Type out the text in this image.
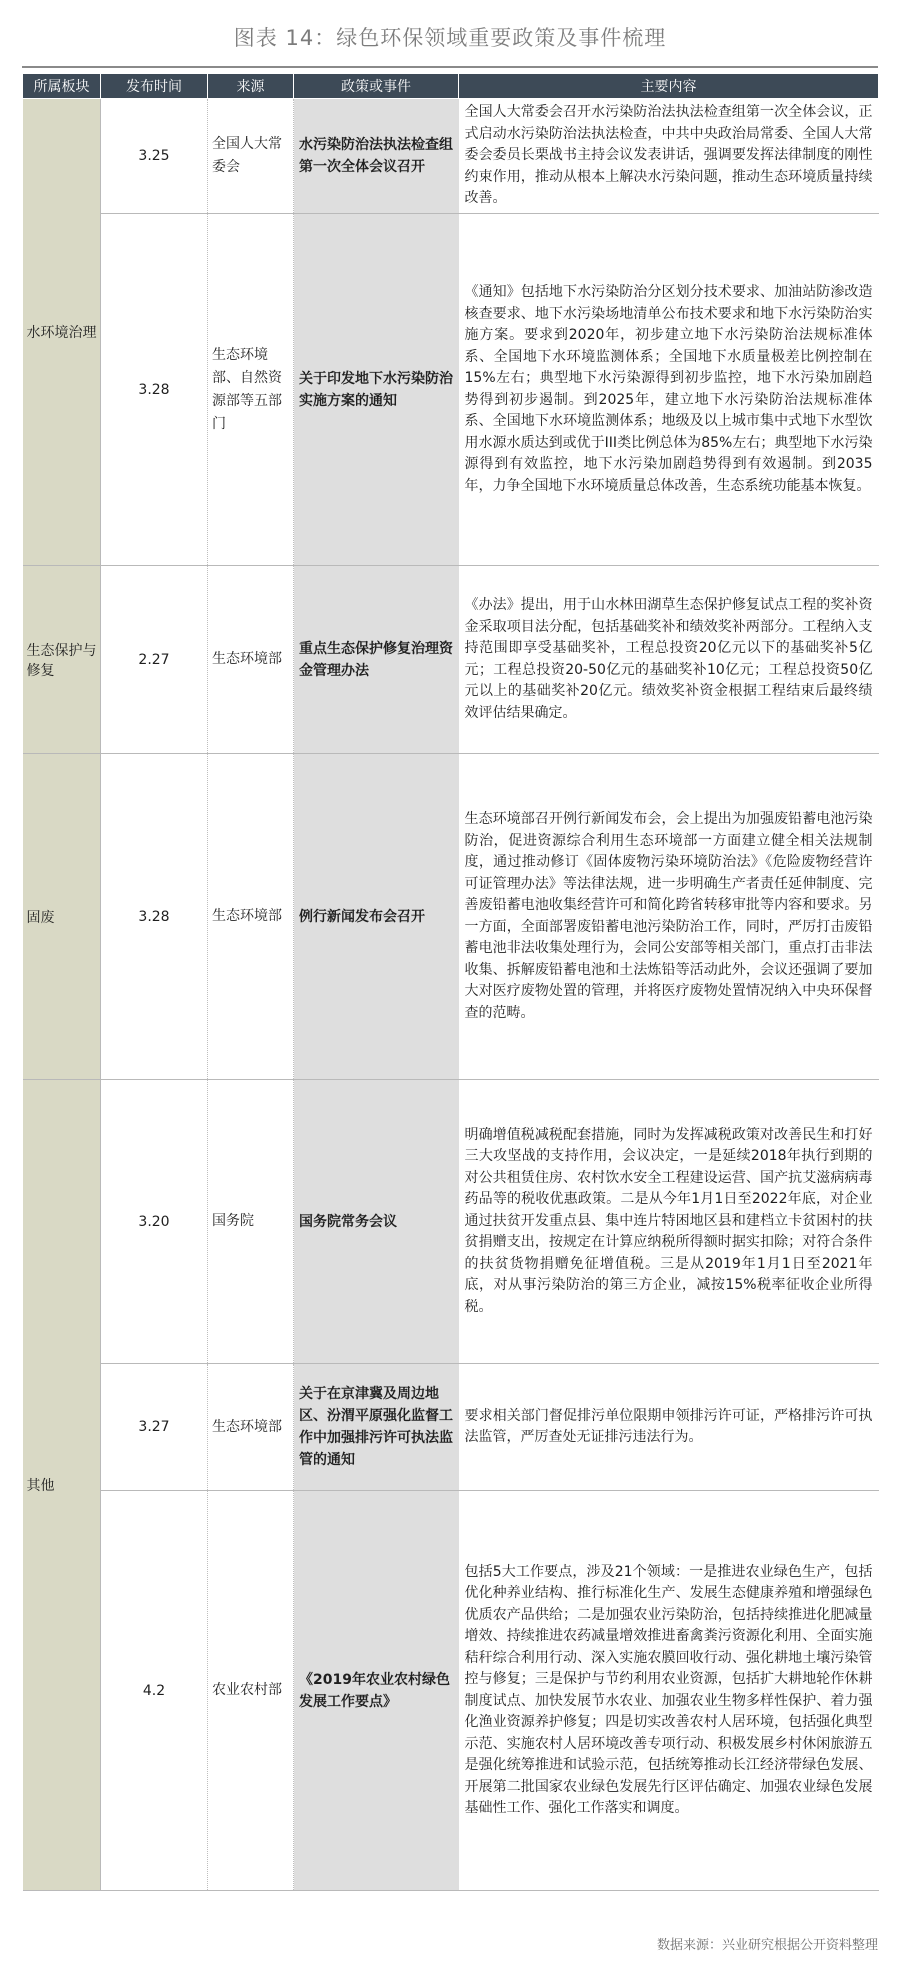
图表 14：绿色环保领域重要政策及事件梳理
所属板块	发布时间	来源	政策或事件	主要内容
水环境治理	3.25	全国人大常委会	水污染防治法执法检查组第一次全体会议召开	全国人大常委会召开水污染防治法执法检查组第一次全体会议，正式启动水污染防治法执法检查，中共中央政治局常委、全国人大常委会委员长栗战书主持会议发表讲话，强调要发挥法律制度的刚性约束作用，推动从根本上解决水污染问题，推动生态环境质量持续改善。
	3.28	生态环境部、自然资源部等五部门	关于印发地下水污染防治实施方案的通知	《通知》包括地下水污染防治分区划分技术要求、加油站防渗改造核查要求、地下水污染场地清单公布技术要求和地下水污染防治实施方案。要求到2020年，初步建立地下水污染防治法规标准体系、全国地下水环境监测体系；全国地下水质量极差比例控制在15%左右；典型地下水污染源得到初步监控，地下水污染加剧趋势得到初步遏制。到2025年，建立地下水污染防治法规标准体系、全国地下水环境监测体系；地级及以上城市集中式地下水型饮用水源水质达到或优于III类比例总体为85%左右；典型地下水污染源得到有效监控，地下水污染加剧趋势得到有效遏制。到2035年，力争全国地下水环境质量总体改善，生态系统功能基本恢复。
生态保护与修复	2.27	生态环境部	重点生态保护修复治理资金管理办法	《办法》提出，用于山水林田湖草生态保护修复试点工程的奖补资金采取项目法分配，包括基础奖补和绩效奖补两部分。工程纳入支持范围即享受基础奖补，工程总投资20亿元以下的基础奖补5亿元；工程总投资20-50亿元的基础奖补10亿元；工程总投资50亿元以上的基础奖补20亿元。绩效奖补资金根据工程结束后最终绩效评估结果确定。
固废	3.28	生态环境部	例行新闻发布会召开	生态环境部召开例行新闻发布会，会上提出为加强废铅蓄电池污染防治，促进资源综合利用生态环境部一方面建立健全相关法规制度，通过推动修订《固体废物污染环境防治法》《危险废物经营许可证管理办法》等法律法规，进一步明确生产者责任延伸制度、完善废铅蓄电池收集经营许可和简化跨省转移审批等内容和要求。另一方面，全面部署废铅蓄电池污染防治工作，同时，严厉打击废铅蓄电池非法收集处理行为，会同公安部等相关部门，重点打击非法收集、拆解废铅蓄电池和土法炼铅等活动此外，会议还强调了要加大对医疗废物处置的管理，并将医疗废物处置情况纳入中央环保督查的范畴。
其他	3.20	国务院	国务院常务会议	明确增值税减税配套措施，同时为发挥减税政策对改善民生和打好三大攻坚战的支持作用，会议决定，一是延续2018年执行到期的对公共租赁住房、农村饮水安全工程建设运营、国产抗艾滋病病毒药品等的税收优惠政策。二是从今年1月1日至2022年底，对企业通过扶贫开发重点县、集中连片特困地区县和建档立卡贫困村的扶贫捐赠支出，按规定在计算应纳税所得额时据实扣除；对符合条件的扶贫货物捐赠免征增值税。三是从2019年1月1日至2021年底，对从事污染防治的第三方企业，减按15%税率征收企业所得税。
	3.27	生态环境部	关于在京津冀及周边地区、汾渭平原强化监督工作中加强排污许可执法监管的通知	要求相关部门督促排污单位限期申领排污许可证，严格排污许可执法监管，严厉查处无证排污违法行为。
	4.2	农业农村部	《2019年农业农村绿色发展工作要点》	包括5大工作要点，涉及21个领域：一是推进农业绿色生产，包括优化种养业结构、推行标准化生产、发展生态健康养殖和增强绿色优质农产品供给；二是加强农业污染防治，包括持续推进化肥减量增效、持续推进农药减量增效推进畜禽粪污资源化利用、全面实施秸秆综合利用行动、深入实施农膜回收行动、强化耕地土壤污染管控与修复；三是保护与节约利用农业资源，包括扩大耕地轮作休耕制度试点、加快发展节水农业、加强农业生物多样性保护、着力强化渔业资源养护修复；四是切实改善农村人居环境，包括强化典型示范、实施农村人居环境改善专项行动、积极发展乡村休闲旅游五是强化统筹推进和试验示范，包括统筹推动长江经济带绿色发展、开展第二批国家农业绿色发展先行区评估确定、加强农业绿色发展基础性工作、强化工作落实和调度。
数据来源：兴业研究根据公开资料整理
